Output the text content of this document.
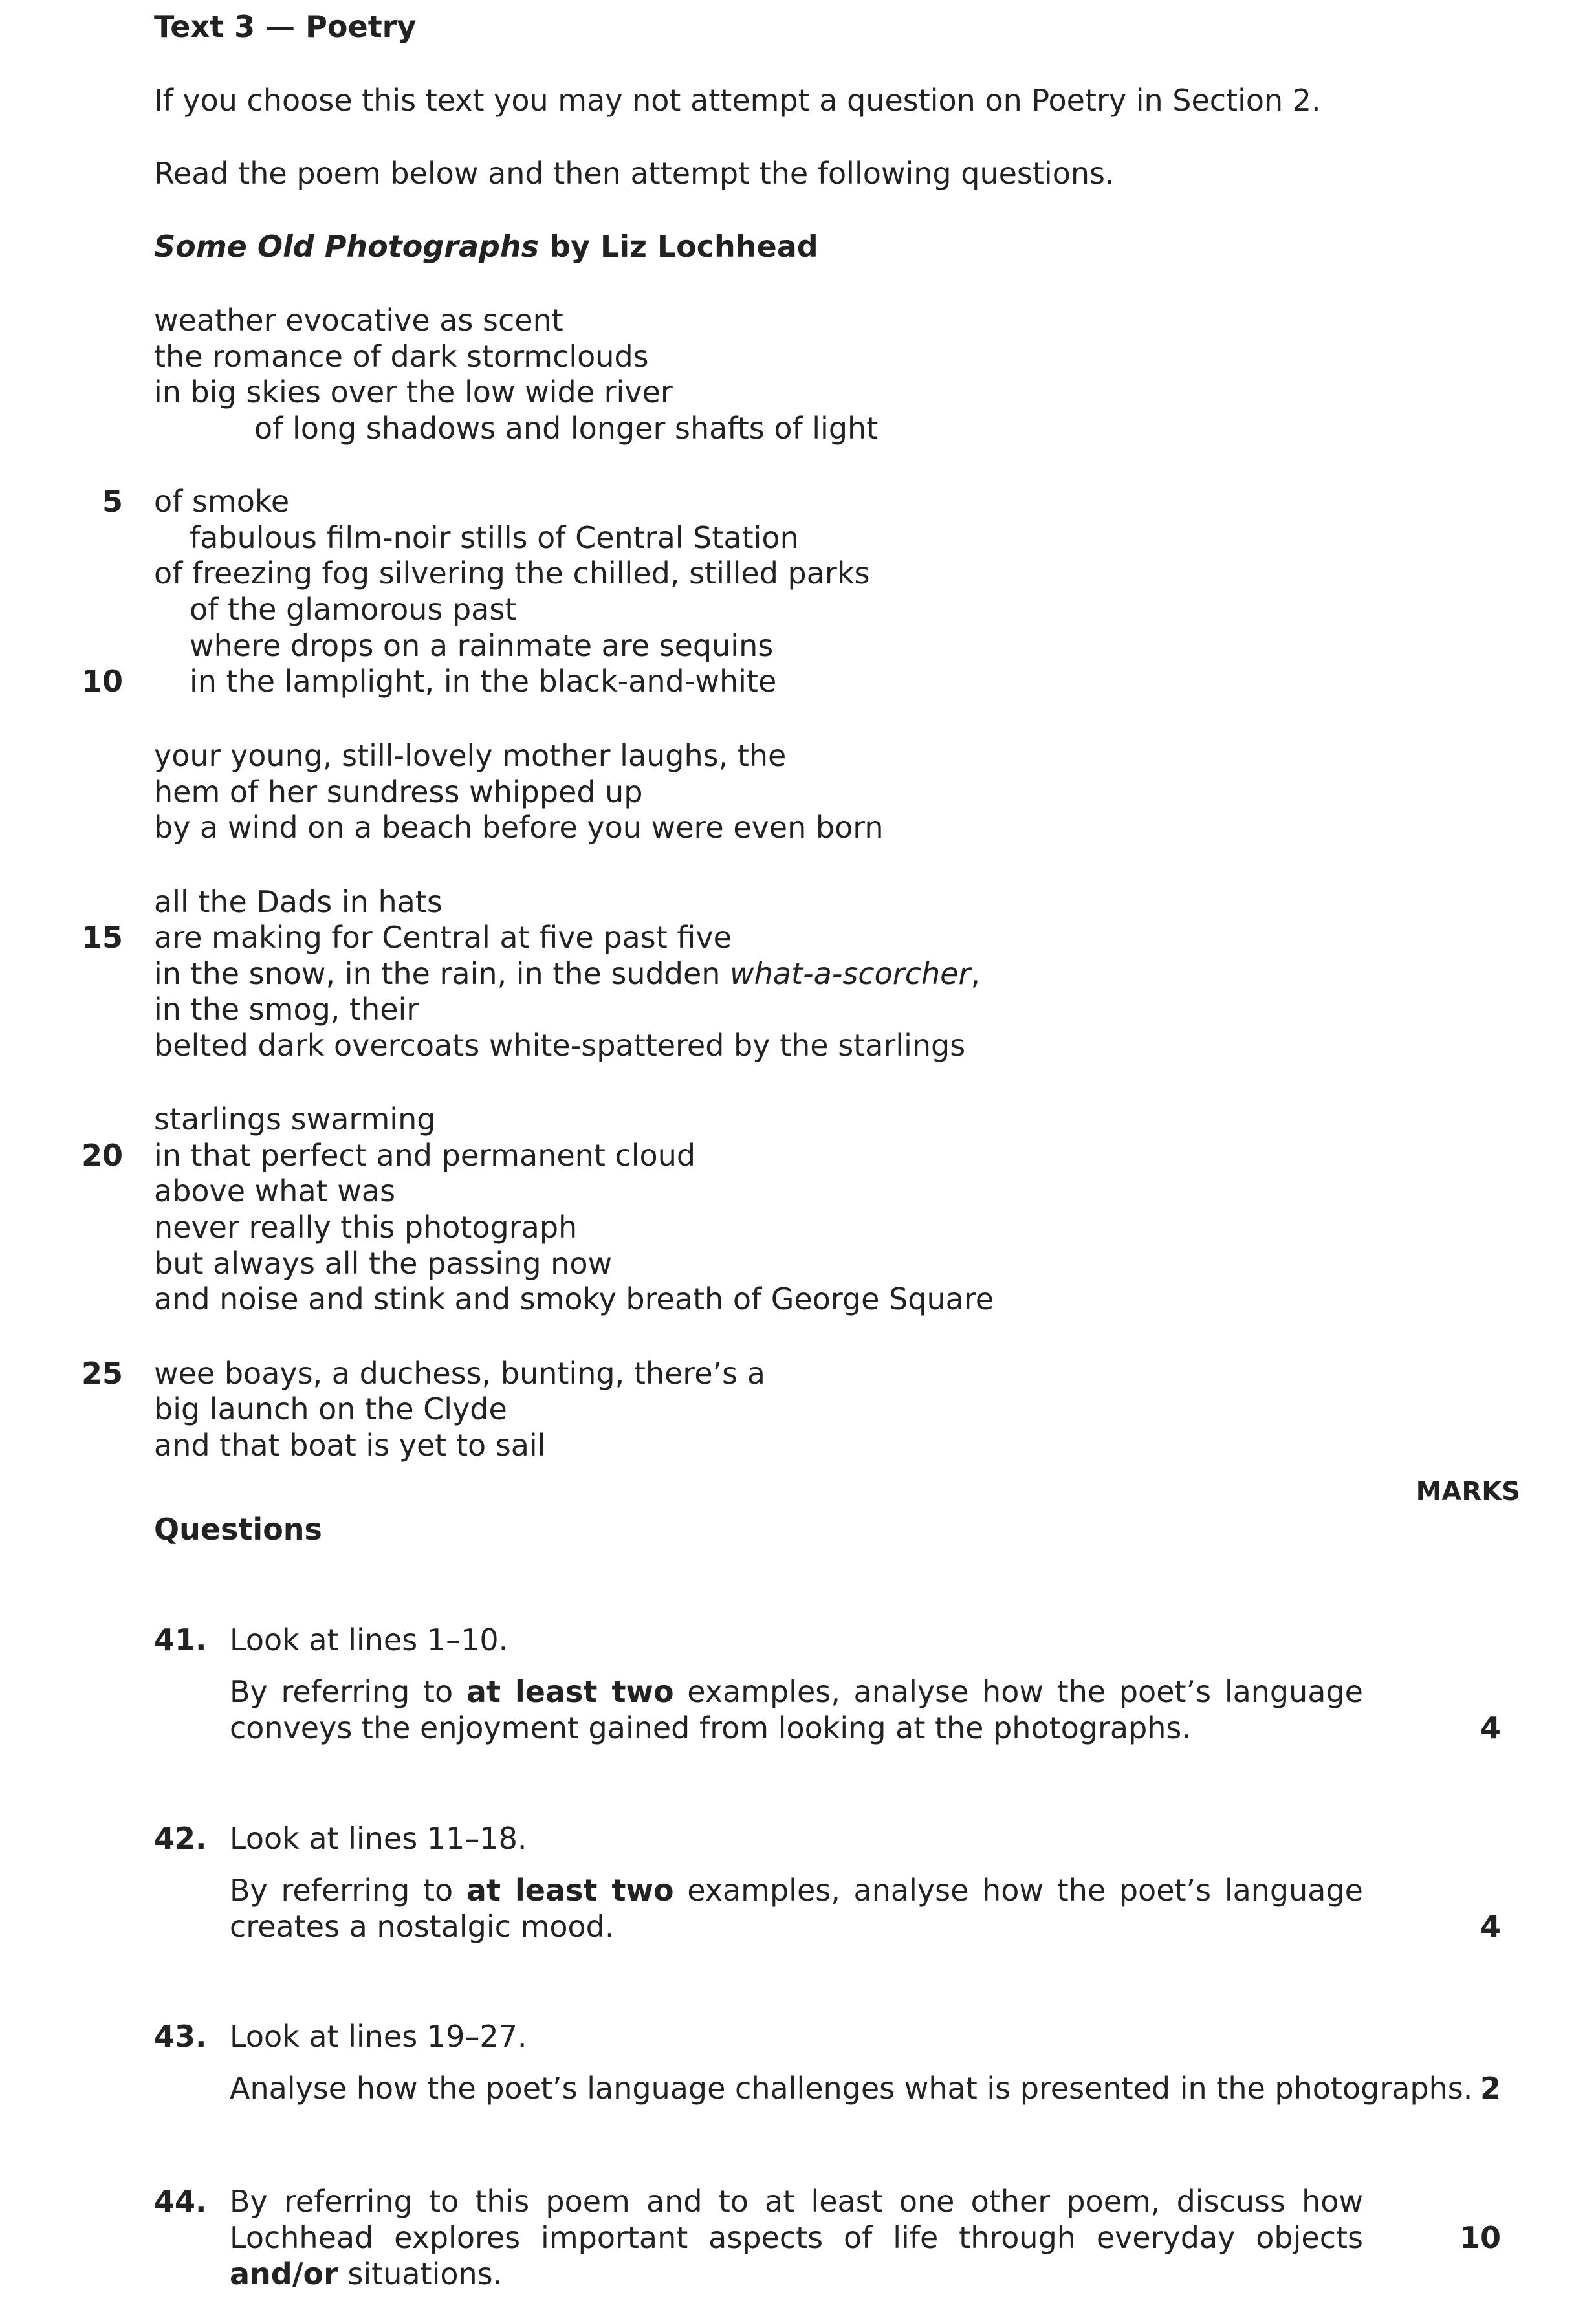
Text 3 — Poetry
If you choose this text you may not attempt a question on Poetry in Section 2.
Read the poem below and then attempt the following questions.
Some Old Photographs by Liz Lochhead
weather evocative as scent
the romance of dark stormclouds
in big skies over the low wide river
of long shadows and longer shafts of light
5 of smoke
fabulous film-noir stills of Central Station
of freezing fog silvering the chilled, stilled parks
of the glamorous past
where drops on a rainmate are sequins
10 in the lamplight, in the black-and-white
your young, still-lovely mother laughs, the
hem of her sundress whipped up
by a wind on a beach before you were even born
all the Dads in hats
15 are making for Central at five past five
in the snow, in the rain, in the sudden what-a-scorcher,
in the smog, their
belted dark overcoats white-spattered by the starlings
starlings swarming
20 in that perfect and permanent cloud
above what was
never really this photograph
but always all the passing now
and noise and stink and smoky breath of George Square
25 wee boays, a duchess, bunting, there’s a
big launch on the Clyde
and that boat is yet to sail
MARKS
Questions
41. Look at lines 1–10.
By referring to at least two examples, analyse how the poet’s language conveys the enjoyment gained from looking at the photographs.	4
42. Look at lines 11–18.
By referring to at least two examples, analyse how the poet’s language creates a nostalgic mood.	4
43. Look at lines 19–27.
Analyse how the poet’s language challenges what is presented in the photographs. 2
44. By referring to this poem and to at least one other poem, discuss how Lochhead explores important aspects of life through everyday objects and/or situations.
10
